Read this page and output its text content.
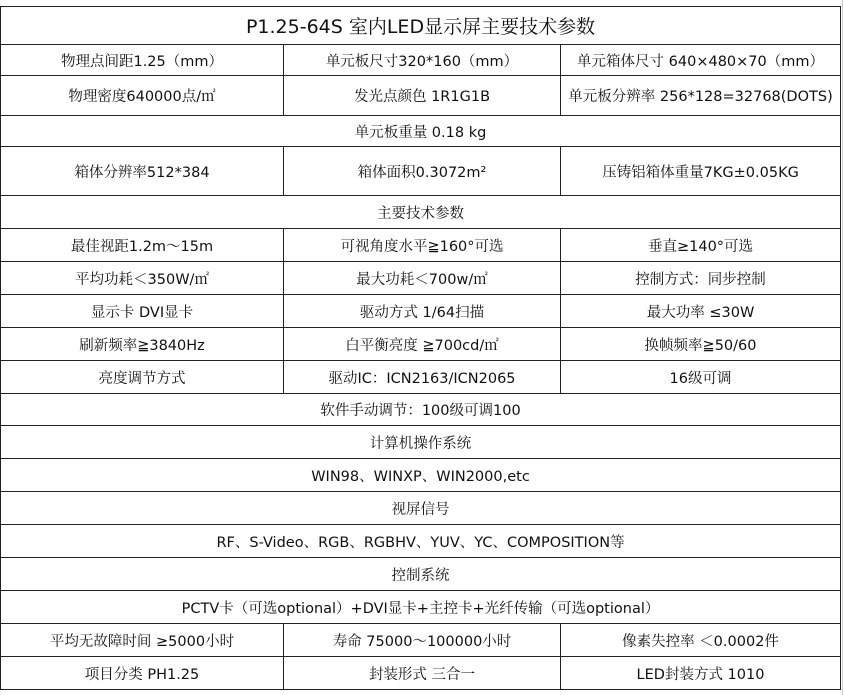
P1.25-64S 室内LED显示屏主要技术参数		
物理点间距1.25（mm）	单元板尺寸320*160（mm）	单元箱体尺寸 640×480×70（mm）
物理密度640000点/㎡	发光点颜色 1R1G1B	单元板分辨率 256*128=32768(DOTS)
单元板重量 0.18 kg		
箱体分辨率512*384	箱体面积0.3072m²	压铸铝箱体重量7KG±0.05KG
主要技术参数		
最佳视距1.2m～15m	可视角度水平≧160°可选	垂直≥140°可选
平均功耗＜350W/㎡	最大功耗＜700w/㎡	控制方式：同步控制
显示卡 DVI显卡	驱动方式 1/64扫描	最大功率 ≤30W
刷新频率≧3840Hz	白平衡亮度 ≧700cd/㎡	换帧频率≧50/60
亮度调节方式	驱动IC：ICN2163/ICN2065	16级可调
软件手动调节：100级可调100		
计算机操作系统		
WIN98、WINXP、WIN2000,etc		
视屏信号		
RF、S-Video、RGB、RGBHV、YUV、YC、COMPOSITION等		
控制系统		
PCTV卡（可选optional）+DVI显卡+主控卡+光纤传输（可选optional）		
平均无故障时间 ≥5000小时	寿命 75000～100000小时	像素失控率 ＜0.0002件
项目分类 PH1.25	封装形式 三合一	LED封装方式 1010
